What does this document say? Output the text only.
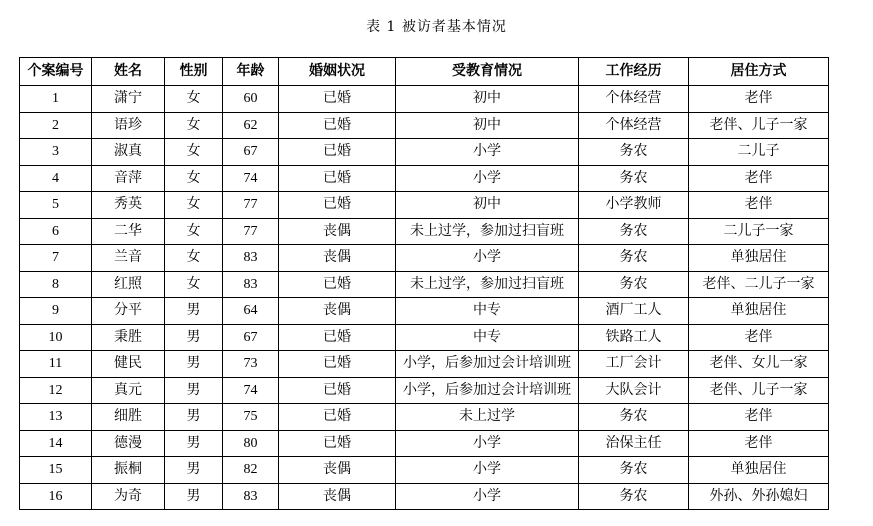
表 1 被访者基本情况
个案编号	姓名	性别	年龄	婚姻状况	受教育情况	工作经历	居住方式
1	潇宁	女	60	已婚	初中	个体经营	老伴
2	语珍	女	62	已婚	初中	个体经营	老伴、儿子一家
3	淑真	女	67	已婚	小学	务农	二儿子
4	音萍	女	74	已婚	小学	务农	老伴
5	秀英	女	77	已婚	初中	小学教师	老伴
6	二华	女	77	丧偶	未上过学，参加过扫盲班	务农	二儿子一家
7	兰音	女	83	丧偶	小学	务农	单独居住
8	红照	女	83	已婚	未上过学，参加过扫盲班	务农	老伴、二儿子一家
9	分平	男	64	丧偶	中专	酒厂工人	单独居住
10	秉胜	男	67	已婚	中专	铁路工人	老伴
11	健民	男	73	已婚	小学，后参加过会计培训班	工厂会计	老伴、女儿一家
12	真元	男	74	已婚	小学，后参加过会计培训班	大队会计	老伴、儿子一家
13	细胜	男	75	已婚	未上过学	务农	老伴
14	德漫	男	80	已婚	小学	治保主任	老伴
15	振桐	男	82	丧偶	小学	务农	单独居住
16	为奇	男	83	丧偶	小学	务农	外孙、外孙媳妇
